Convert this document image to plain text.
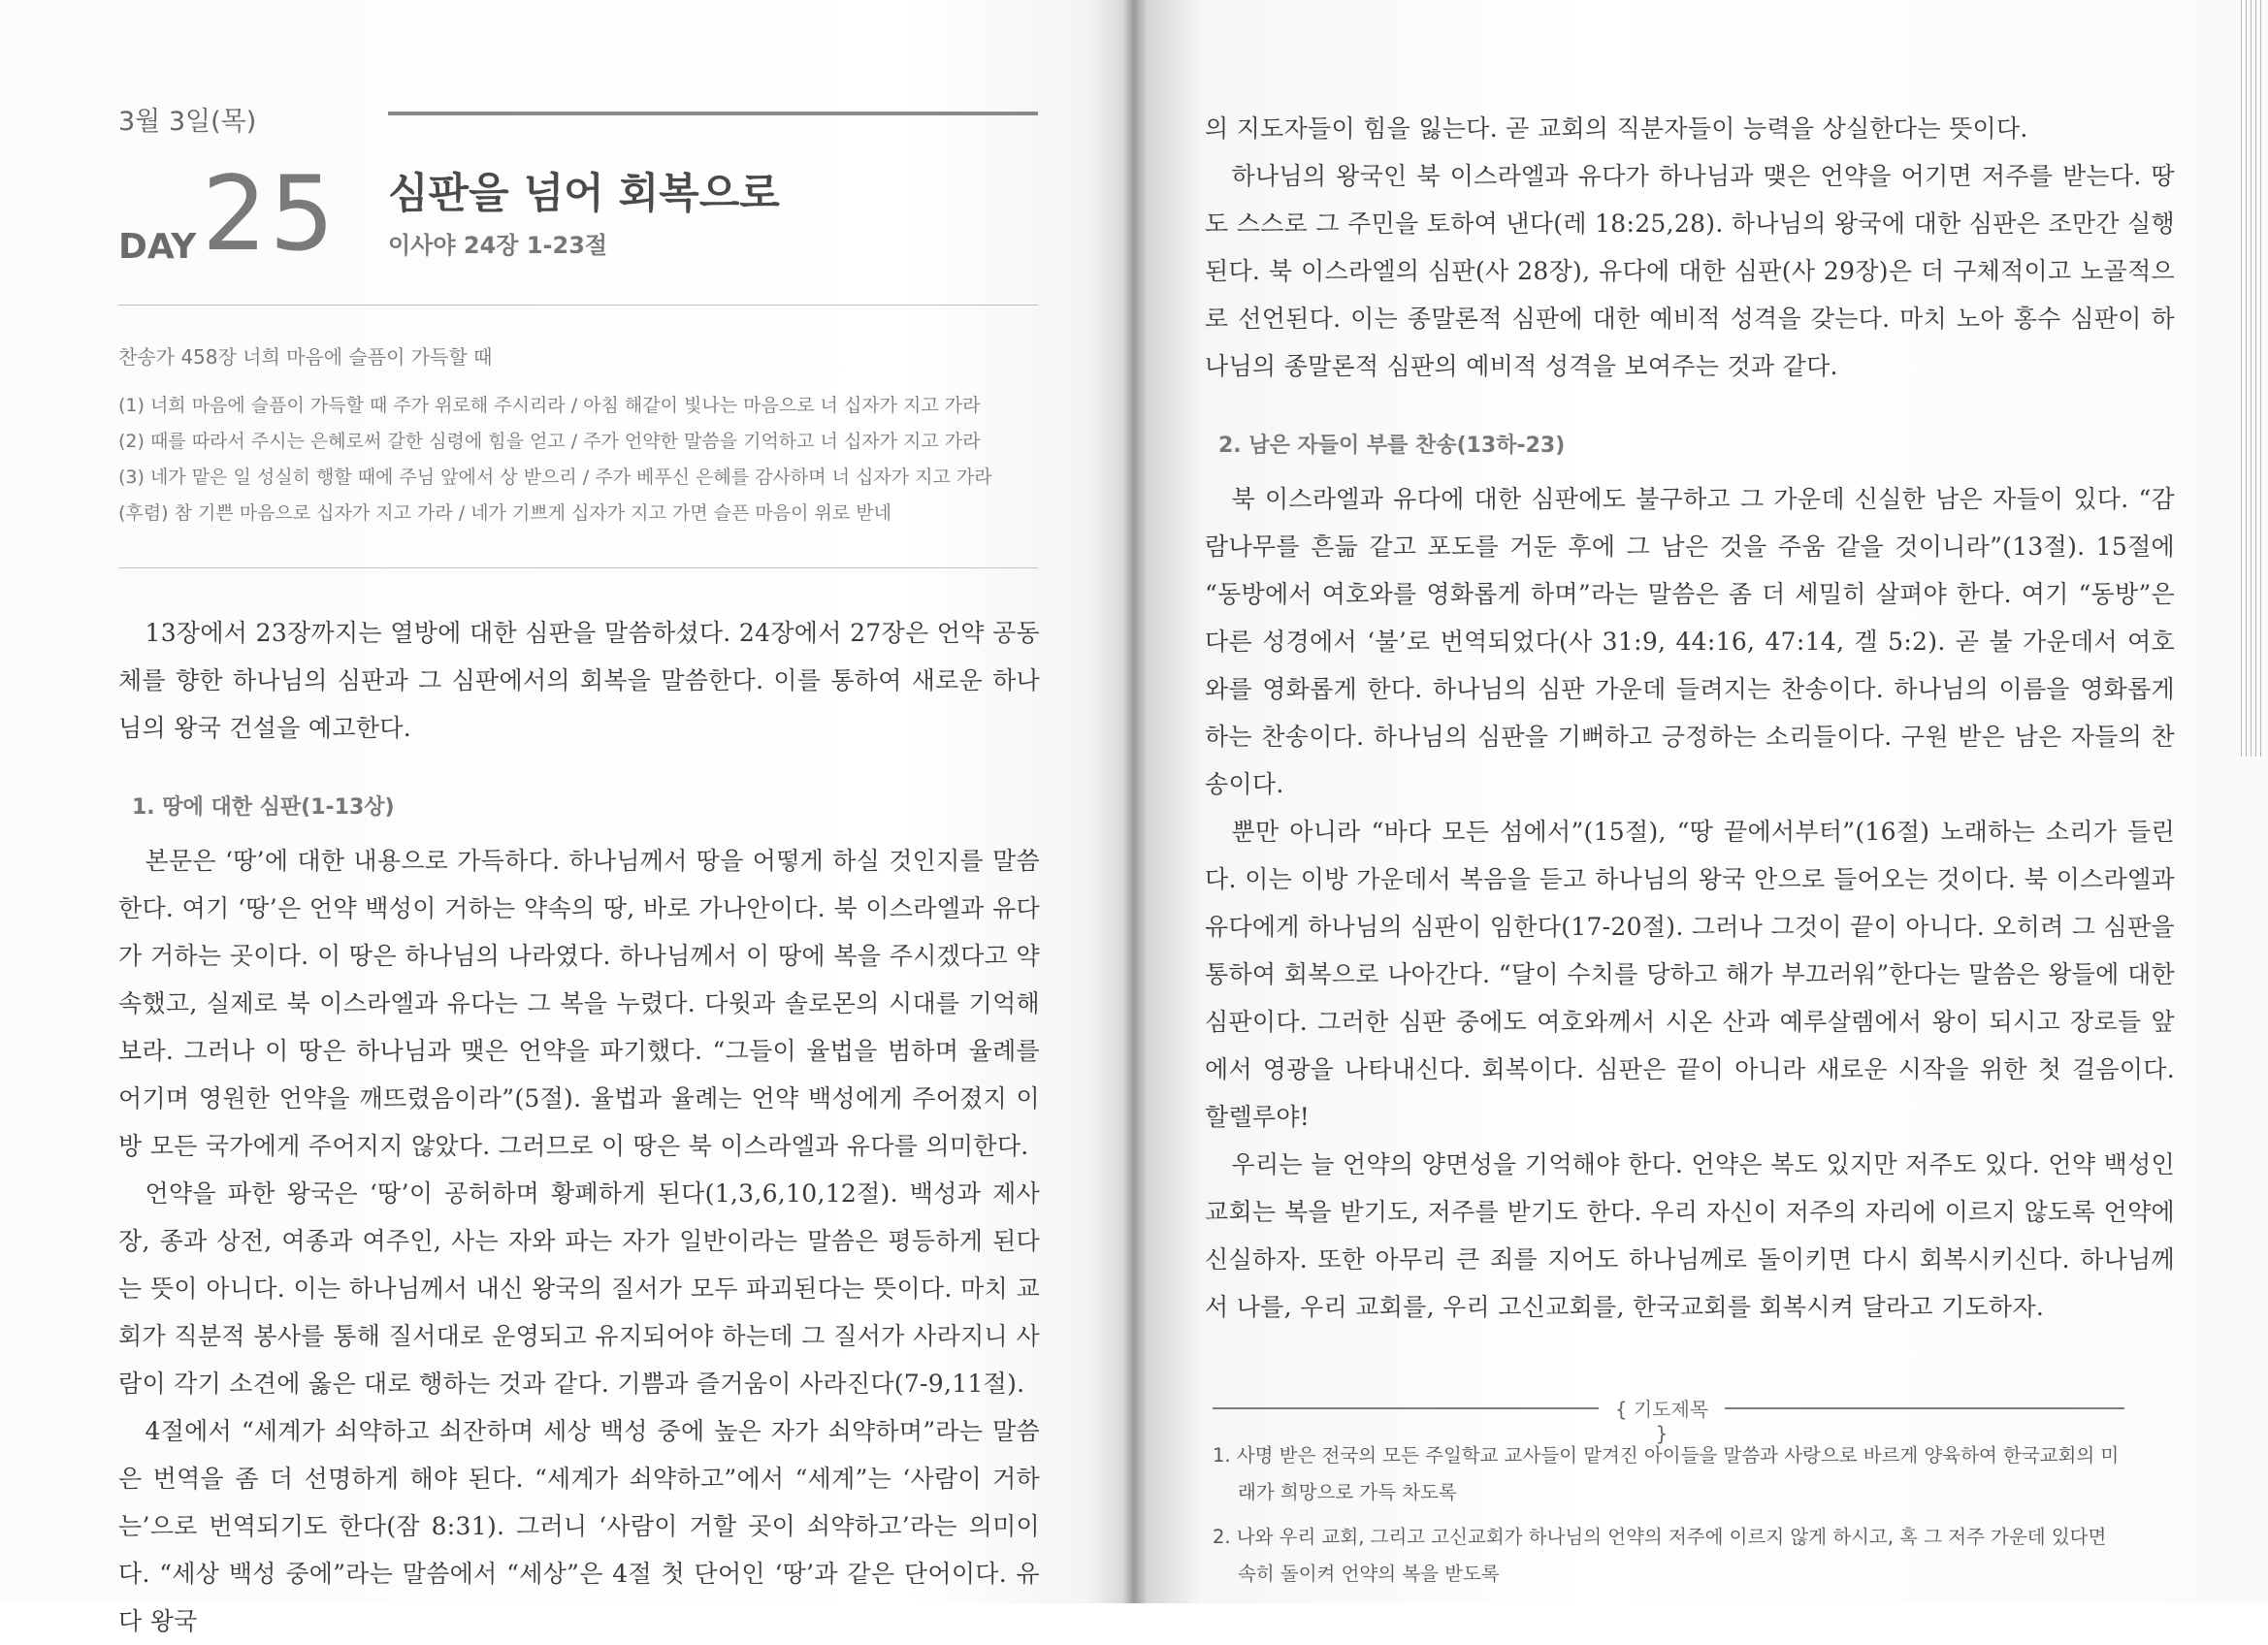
3월 3일(목)
25
DAY
심판을 넘어 회복으로
이사야 24장 1-23절
찬송가 458장 너희 마음에 슬픔이 가득할 때
(1) 너희 마음에 슬픔이 가득할 때 주가 위로해 주시리라 / 아침 해같이 빛나는 마음으로 너 십자가 지고 가라
(2) 때를 따라서 주시는 은혜로써 갈한 심령에 힘을 얻고 / 주가 언약한 말씀을 기억하고 너 십자가 지고 가라
(3) 네가 맡은 일 성실히 행할 때에 주님 앞에서 상 받으리 / 주가 베푸신 은혜를 감사하며 너 십자가 지고 가라
(후렴) 참 기쁜 마음으로 십자가 지고 가라 / 네가 기쁘게 십자가 지고 가면 슬픈 마음이 위로 받네

13장에서 23장까지는 열방에 대한 심판을 말씀하셨다. 24장에서 27장은 언약 공동체를 향한 하나님의 심판과 그 심판에서의 회복을 말씀한다. 이를 통하여 새로운 하나님의 왕국 건설을 예고한다.

1. 땅에 대한 심판(1-13상)

본문은 ‘땅’에 대한 내용으로 가득하다. 하나님께서 땅을 어떻게 하실 것인지를 말씀한다. 여기 ‘땅’은 언약 백성이 거하는 약속의 땅, 바로 가나안이다. 북 이스라엘과 유다가 거하는 곳이다. 이 땅은 하나님의 나라였다. 하나님께서 이 땅에 복을 주시겠다고 약속했고, 실제로 북 이스라엘과 유다는 그 복을 누렸다. 다윗과 솔로몬의 시대를 기억해 보라. 그러나 이 땅은 하나님과 맺은 언약을 파기했다. “그들이 율법을 범하며 율례를 어기며 영원한 언약을 깨뜨렸음이라”(5절). 율법과 율례는 언약 백성에게 주어졌지 이방 모든 국가에게 주어지지 않았다. 그러므로 이 땅은 북 이스라엘과 유다를 의미한다.

언약을 파한 왕국은 ‘땅’이 공허하며 황폐하게 된다(1,3,6,10,12절). 백성과 제사장, 종과 상전, 여종과 여주인, 사는 자와 파는 자가 일반이라는 말씀은 평등하게 된다는 뜻이 아니다. 이는 하나님께서 내신 왕국의 질서가 모두 파괴된다는 뜻이다. 마치 교회가 직분적 봉사를 통해 질서대로 운영되고 유지되어야 하는데 그 질서가 사라지니 사람이 각기 소견에 옳은 대로 행하는 것과 같다. 기쁨과 즐거움이 사라진다(7-9,11절).

4절에서 “세계가 쇠약하고 쇠잔하며 세상 백성 중에 높은 자가 쇠약하며”라는 말씀은 번역을 좀 더 선명하게 해야 된다. “세계가 쇠약하고”에서 “세계”는 ‘사람이 거하는’으로 번역되기도 한다(잠 8:31). 그러니 ‘사람이 거할 곳이 쇠약하고’라는 의미이다. “세상 백성 중에”라는 말씀에서 “세상”은 4절 첫 단어인 ‘땅’과 같은 단어이다. 유다 왕국

의 지도자들이 힘을 잃는다. 곧 교회의 직분자들이 능력을 상실한다는 뜻이다.

하나님의 왕국인 북 이스라엘과 유다가 하나님과 맺은 언약을 어기면 저주를 받는다. 땅도 스스로 그 주민을 토하여 낸다(레 18:25,28). 하나님의 왕국에 대한 심판은 조만간 실행된다. 북 이스라엘의 심판(사 28장), 유다에 대한 심판(사 29장)은 더 구체적이고 노골적으로 선언된다. 이는 종말론적 심판에 대한 예비적 성격을 갖는다. 마치 노아 홍수 심판이 하나님의 종말론적 심판의 예비적 성격을 보여주는 것과 같다.

2. 남은 자들이 부를 찬송(13하-23)

북 이스라엘과 유다에 대한 심판에도 불구하고 그 가운데 신실한 남은 자들이 있다. “감람나무를 흔듦 같고 포도를 거둔 후에 그 남은 것을 주움 같을 것이니라”(13절). 15절에 “동방에서 여호와를 영화롭게 하며”라는 말씀은 좀 더 세밀히 살펴야 한다. 여기 “동방”은 다른 성경에서 ‘불’로 번역되었다(사 31:9, 44:16, 47:14, 겔 5:2). 곧 불 가운데서 여호와를 영화롭게 한다. 하나님의 심판 가운데 들려지는 찬송이다. 하나님의 이름을 영화롭게 하는 찬송이다. 하나님의 심판을 기뻐하고 긍정하는 소리들이다. 구원 받은 남은 자들의 찬송이다.

뿐만 아니라 “바다 모든 섬에서”(15절), “땅 끝에서부터”(16절) 노래하는 소리가 들린다. 이는 이방 가운데서 복음을 듣고 하나님의 왕국 안으로 들어오는 것이다. 북 이스라엘과 유다에게 하나님의 심판이 임한다(17-20절). 그러나 그것이 끝이 아니다. 오히려 그 심판을 통하여 회복으로 나아간다. “달이 수치를 당하고 해가 부끄러워”한다는 말씀은 왕들에 대한 심판이다. 그러한 심판 중에도 여호와께서 시온 산과 예루살렘에서 왕이 되시고 장로들 앞에서 영광을 나타내신다. 회복이다. 심판은 끝이 아니라 새로운 시작을 위한 첫 걸음이다. 할렐루야!

우리는 늘 언약의 양면성을 기억해야 한다. 언약은 복도 있지만 저주도 있다. 언약 백성인 교회는 복을 받기도, 저주를 받기도 한다. 우리 자신이 저주의 자리에 이르지 않도록 언약에 신실하자. 또한 아무리 큰 죄를 지어도 하나님께로 돌이키면 다시 회복시키신다. 하나님께서 나를, 우리 교회를, 우리 고신교회를, 한국교회를 회복시켜 달라고 기도하자.

{ 기도제목 }
1. 사명 받은 전국의 모든 주일학교 교사들이 맡겨진 아이들을 말씀과 사랑으로 바르게 양육하여 한국교회의 미래가 희망으로 가득 차도록
2. 나와 우리 교회, 그리고 고신교회가 하나님의 언약의 저주에 이르지 않게 하시고, 혹 그 저주 가운데 있다면 속히 돌이켜 언약의 복을 받도록
